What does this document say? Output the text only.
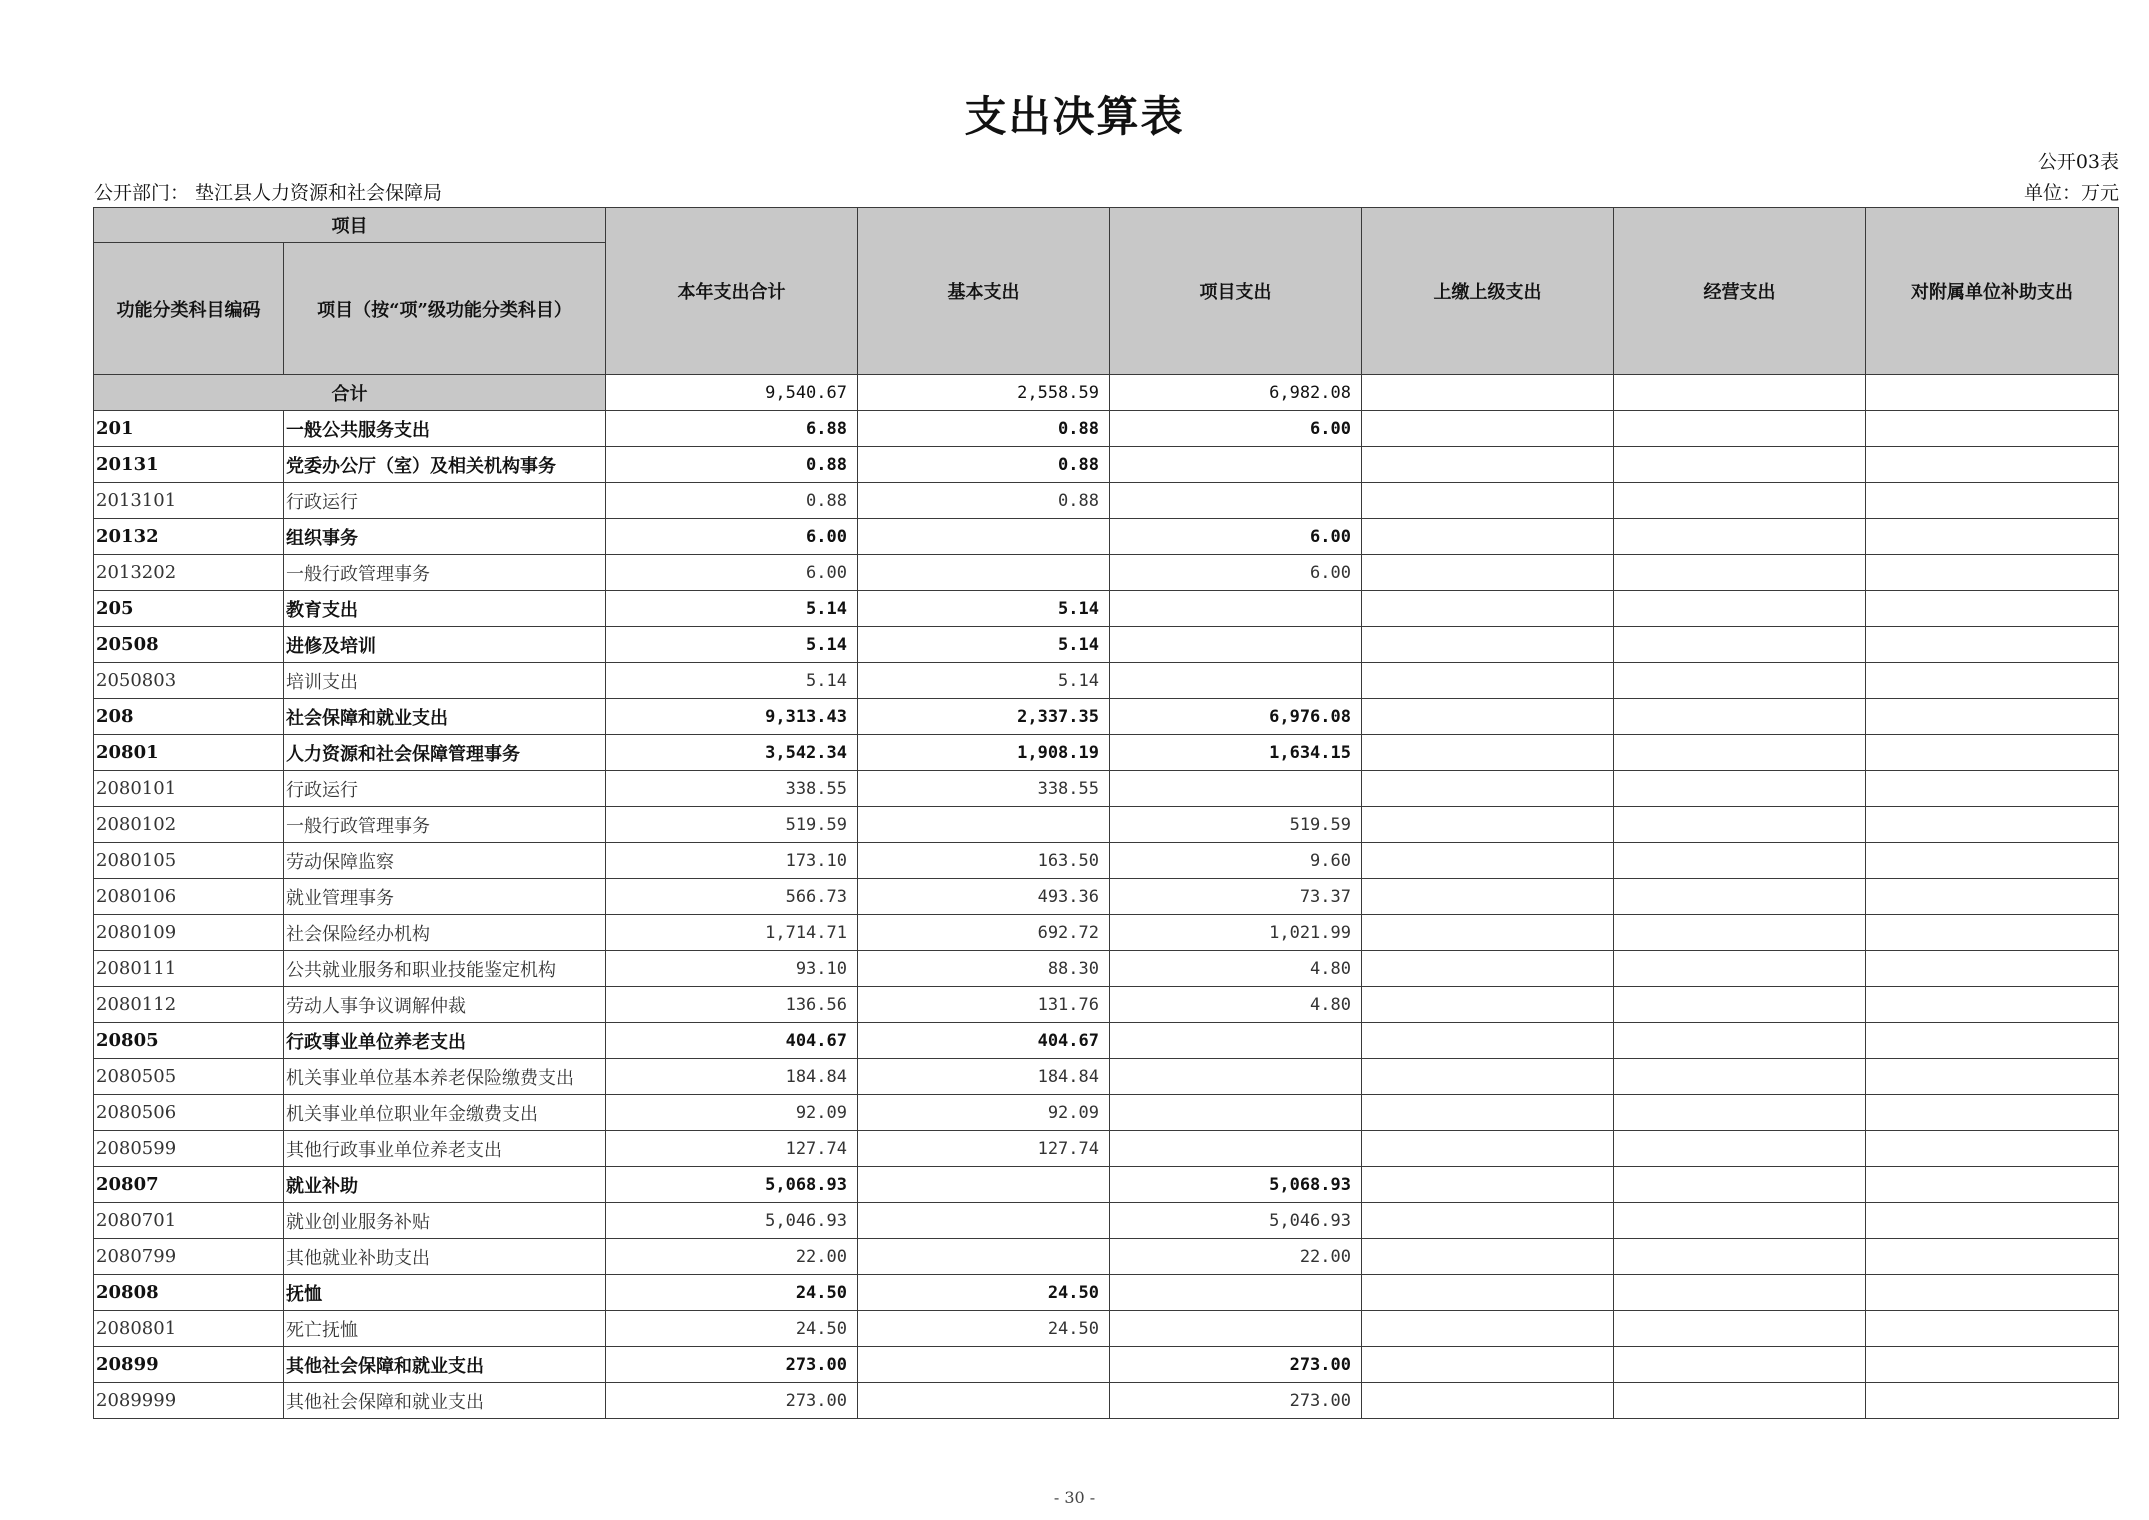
支出决算表
公开03表
公开部门： 垫江县人力资源和社会保障局	单位：万元
项目		本年支出合计	基本支出	项目支出	上缴上级支出	经营支出	对附属单位补助支出
功能分类科目编码	项目（按“项”级功能分类科目）						
合计		9,540.67	2,558.59	6,982.08			
201	一般公共服务支出	6.88	0.88	6.00			
20131	党委办公厅（室）及相关机构事务	0.88	0.88				
2013101	行政运行	0.88	0.88				
20132	组织事务	6.00		6.00			
2013202	一般行政管理事务	6.00		6.00			
205	教育支出	5.14	5.14				
20508	进修及培训	5.14	5.14				
2050803	培训支出	5.14	5.14				
208	社会保障和就业支出	9,313.43	2,337.35	6,976.08			
20801	人力资源和社会保障管理事务	3,542.34	1,908.19	1,634.15			
2080101	行政运行	338.55	338.55				
2080102	一般行政管理事务	519.59		519.59			
2080105	劳动保障监察	173.10	163.50	9.60			
2080106	就业管理事务	566.73	493.36	73.37			
2080109	社会保险经办机构	1,714.71	692.72	1,021.99			
2080111	公共就业服务和职业技能鉴定机构	93.10	88.30	4.80			
2080112	劳动人事争议调解仲裁	136.56	131.76	4.80			
20805	行政事业单位养老支出	404.67	404.67				
2080505	机关事业单位基本养老保险缴费支出	184.84	184.84				
2080506	机关事业单位职业年金缴费支出	92.09	92.09				
2080599	其他行政事业单位养老支出	127.74	127.74				
20807	就业补助	5,068.93		5,068.93			
2080701	就业创业服务补贴	5,046.93		5,046.93			
2080799	其他就业补助支出	22.00		22.00			
20808	抚恤	24.50	24.50				
2080801	死亡抚恤	24.50	24.50				
20899	其他社会保障和就业支出	273.00		273.00			
2089999	其他社会保障和就业支出	273.00		273.00			
- 30 -
